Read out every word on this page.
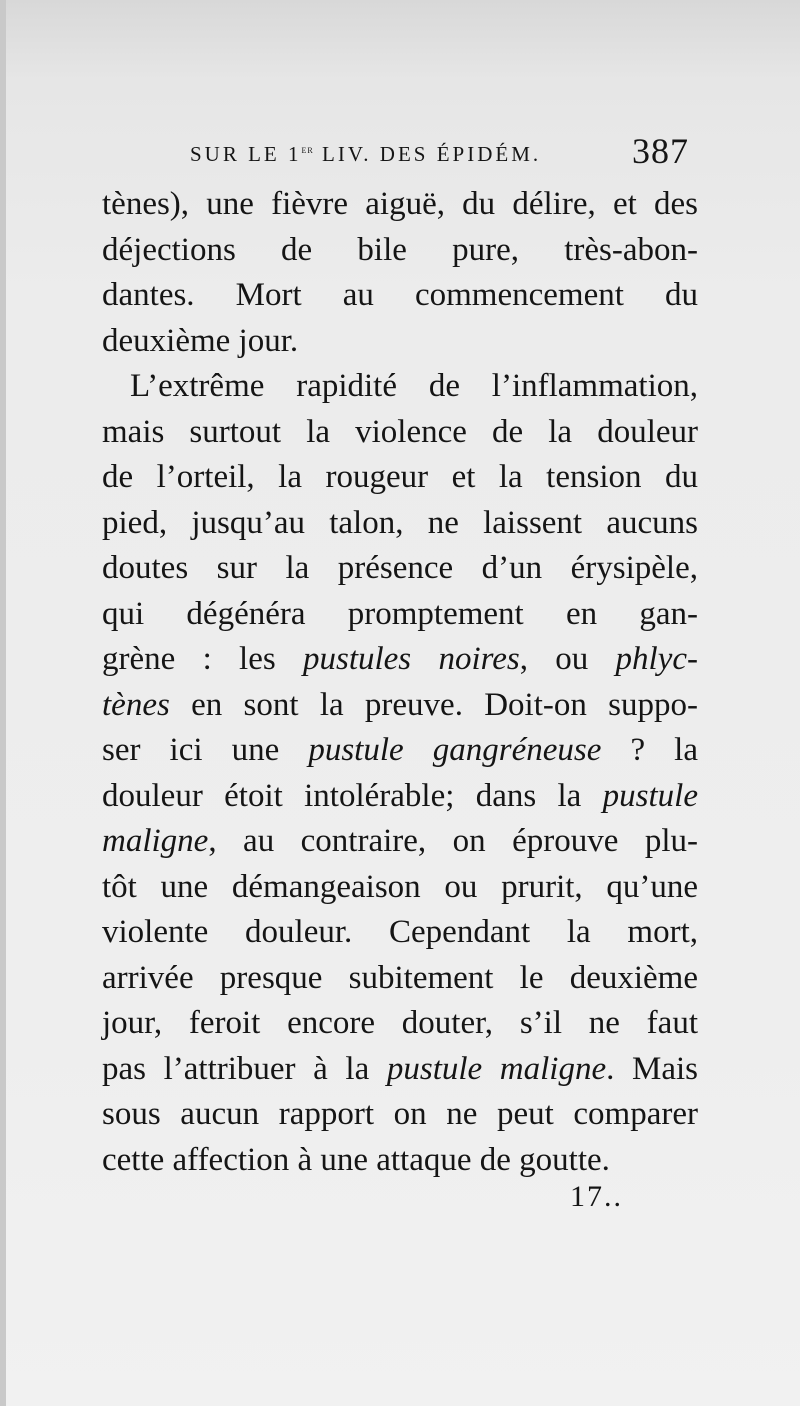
SUR LE 1er LIV. DES ÉPIDÉM.	387
tènes), une fièvre aiguë, du délire, et des
déjections de bile pure, très-abon-
dantes. Mort au commencement du
deuxième jour.
L’extrême rapidité de l’inflammation,
mais surtout la violence de la douleur
de l’orteil, la rougeur et la tension du
pied, jusqu’au talon, ne laissent aucuns
doutes sur la présence d’un érysipèle,
qui dégénéra promptement en gan-
grène : les pustules noires, ou phlyc-
tènes en sont la preuve. Doit-on suppo-
ser ici une pustule gangréneuse ? la
douleur étoit intolérable; dans la pustule
maligne, au contraire, on éprouve plu-
tôt une démangeaison ou prurit, qu’une
violente douleur. Cependant la mort,
arrivée presque subitement le deuxième
jour, feroit encore douter, s’il ne faut
pas l’attribuer à la pustule maligne. Mais
sous aucun rapport on ne peut comparer
cette affection à une attaque de goutte.
17..
